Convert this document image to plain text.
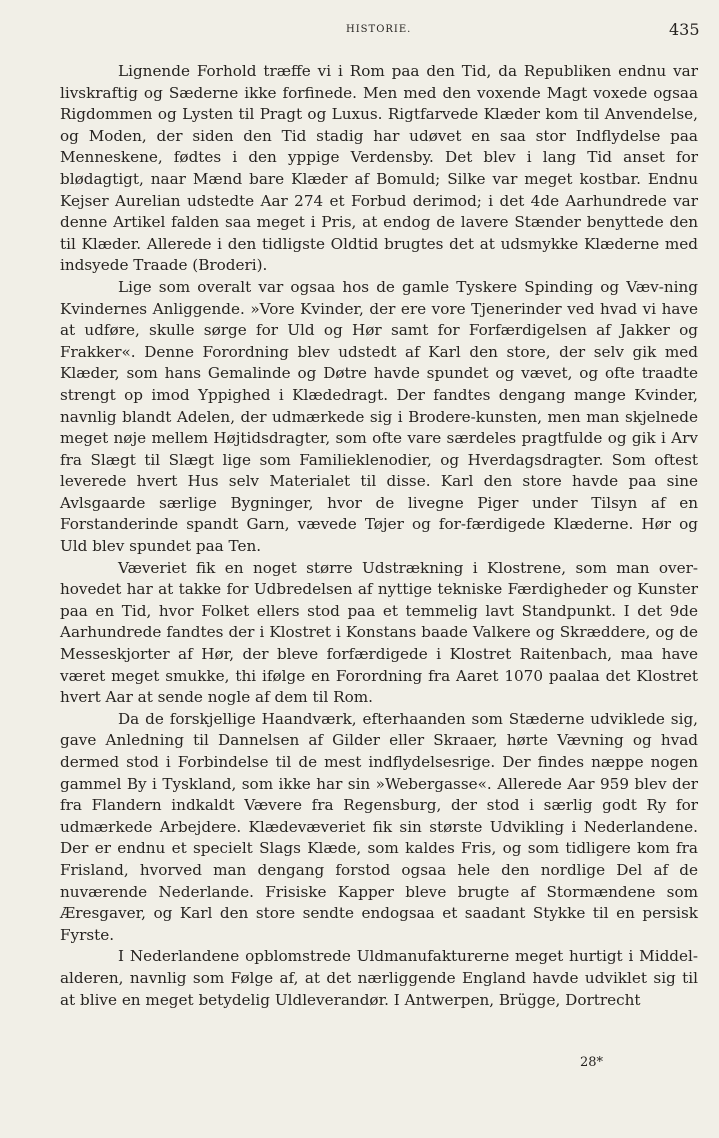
HISTORIE.	435

Lignende Forhold træffe vi i Rom paa den Tid, da Republiken endnu var livskraftig og Sæderne ikke forfinede. Men med den voxende Magt voxede ogsaa Rigdommen og Lysten til Pragt og Luxus. Rigtfarvede Klæder kom til Anvendelse, og Moden, der siden den Tid stadig har udøvet en saa stor Indflydelse paa Menneskene, fødtes i den yppige Verdensby. Det blev i lang Tid anset for blødagtigt, naar Mænd bare Klæder af Bomuld; Silke var meget kostbar. Endnu Kejser Aurelian udstedte Aar 274 et Forbud derimod; i det 4de Aarhundrede var denne Artikel falden saa meget i Pris, at endog de lavere Stænder benyttede den til Klæder. Allerede i den tidligste Oldtid brugtes det at udsmykke Klæderne med indsyede Traade (Broderi).

Lige som overalt var ogsaa hos de gamle Tyskere Spinding og Væv-ning Kvindernes Anliggende. »Vore Kvinder, der ere vore Tjenerinder ved hvad vi have at udføre, skulle sørge for Uld og Hør samt for Forfærdigelsen af Jakker og Frakker«. Denne Forordning blev udstedt af Karl den store, der selv gik med Klæder, som hans Gemalinde og Døtre havde spundet og vævet, og ofte traadte strengt op imod Yppighed i Klædedragt. Der fandtes dengang mange Kvinder, navnlig blandt Adelen, der udmærkede sig i Brodere-kunsten, men man skjelnede meget nøje mellem Højtidsdragter, som ofte vare særdeles pragtfulde og gik i Arv fra Slægt til Slægt lige som Familieklenodier, og Hverdagsdragter. Som oftest leverede hvert Hus selv Materialet til disse. Karl den store havde paa sine Avlsgaarde særlige Bygninger, hvor de livegne Piger under Tilsyn af en Forstanderinde spandt Garn, vævede Tøjer og for-færdigede Klæderne. Hør og Uld blev spundet paa Ten.

Væveriet fik en noget større Udstrækning i Klostrene, som man over-hovedet har at takke for Udbredelsen af nyttige tekniske Færdigheder og Kunster paa en Tid, hvor Folket ellers stod paa et temmelig lavt Standpunkt. I det 9de Aarhundrede fandtes der i Klostret i Konstans baade Valkere og Skræddere, og de Messeskjorter af Hør, der bleve forfærdigede i Klostret Raitenbach, maa have været meget smukke, thi ifølge en Forordning fra Aaret 1070 paalaa det Klostret hvert Aar at sende nogle af dem til Rom.

Da de forskjellige Haandværk, efterhaanden som Stæderne udviklede sig, gave Anledning til Dannelsen af Gilder eller Skraaer, hørte Vævning og hvad dermed stod i Forbindelse til de mest indflydelsesrige. Der findes næppe nogen gammel By i Tyskland, som ikke har sin »Webergasse«. Allerede Aar 959 blev der fra Flandern indkaldt Vævere fra Regensburg, der stod i særlig godt Ry for udmærkede Arbejdere. Klædevæveriet fik sin største Udvikling i Nederlandene. Der er endnu et specielt Slags Klæde, som kaldes Fris, og som tidligere kom fra Frisland, hvorved man dengang forstod ogsaa hele den nordlige Del af de nuværende Nederlande. Frisiske Kapper bleve brugte af Stormændene som Æresgaver, og Karl den store sendte endogsaa et saadant Stykke til en persisk Fyrste.

I Nederlandene opblomstrede Uldmanufakturerne meget hurtigt i Middel-alderen, navnlig som Følge af, at det nærliggende England havde udviklet sig til at blive en meget betydelig Uldleverandør. I Antwerpen, Brügge, Dortrecht

28*
